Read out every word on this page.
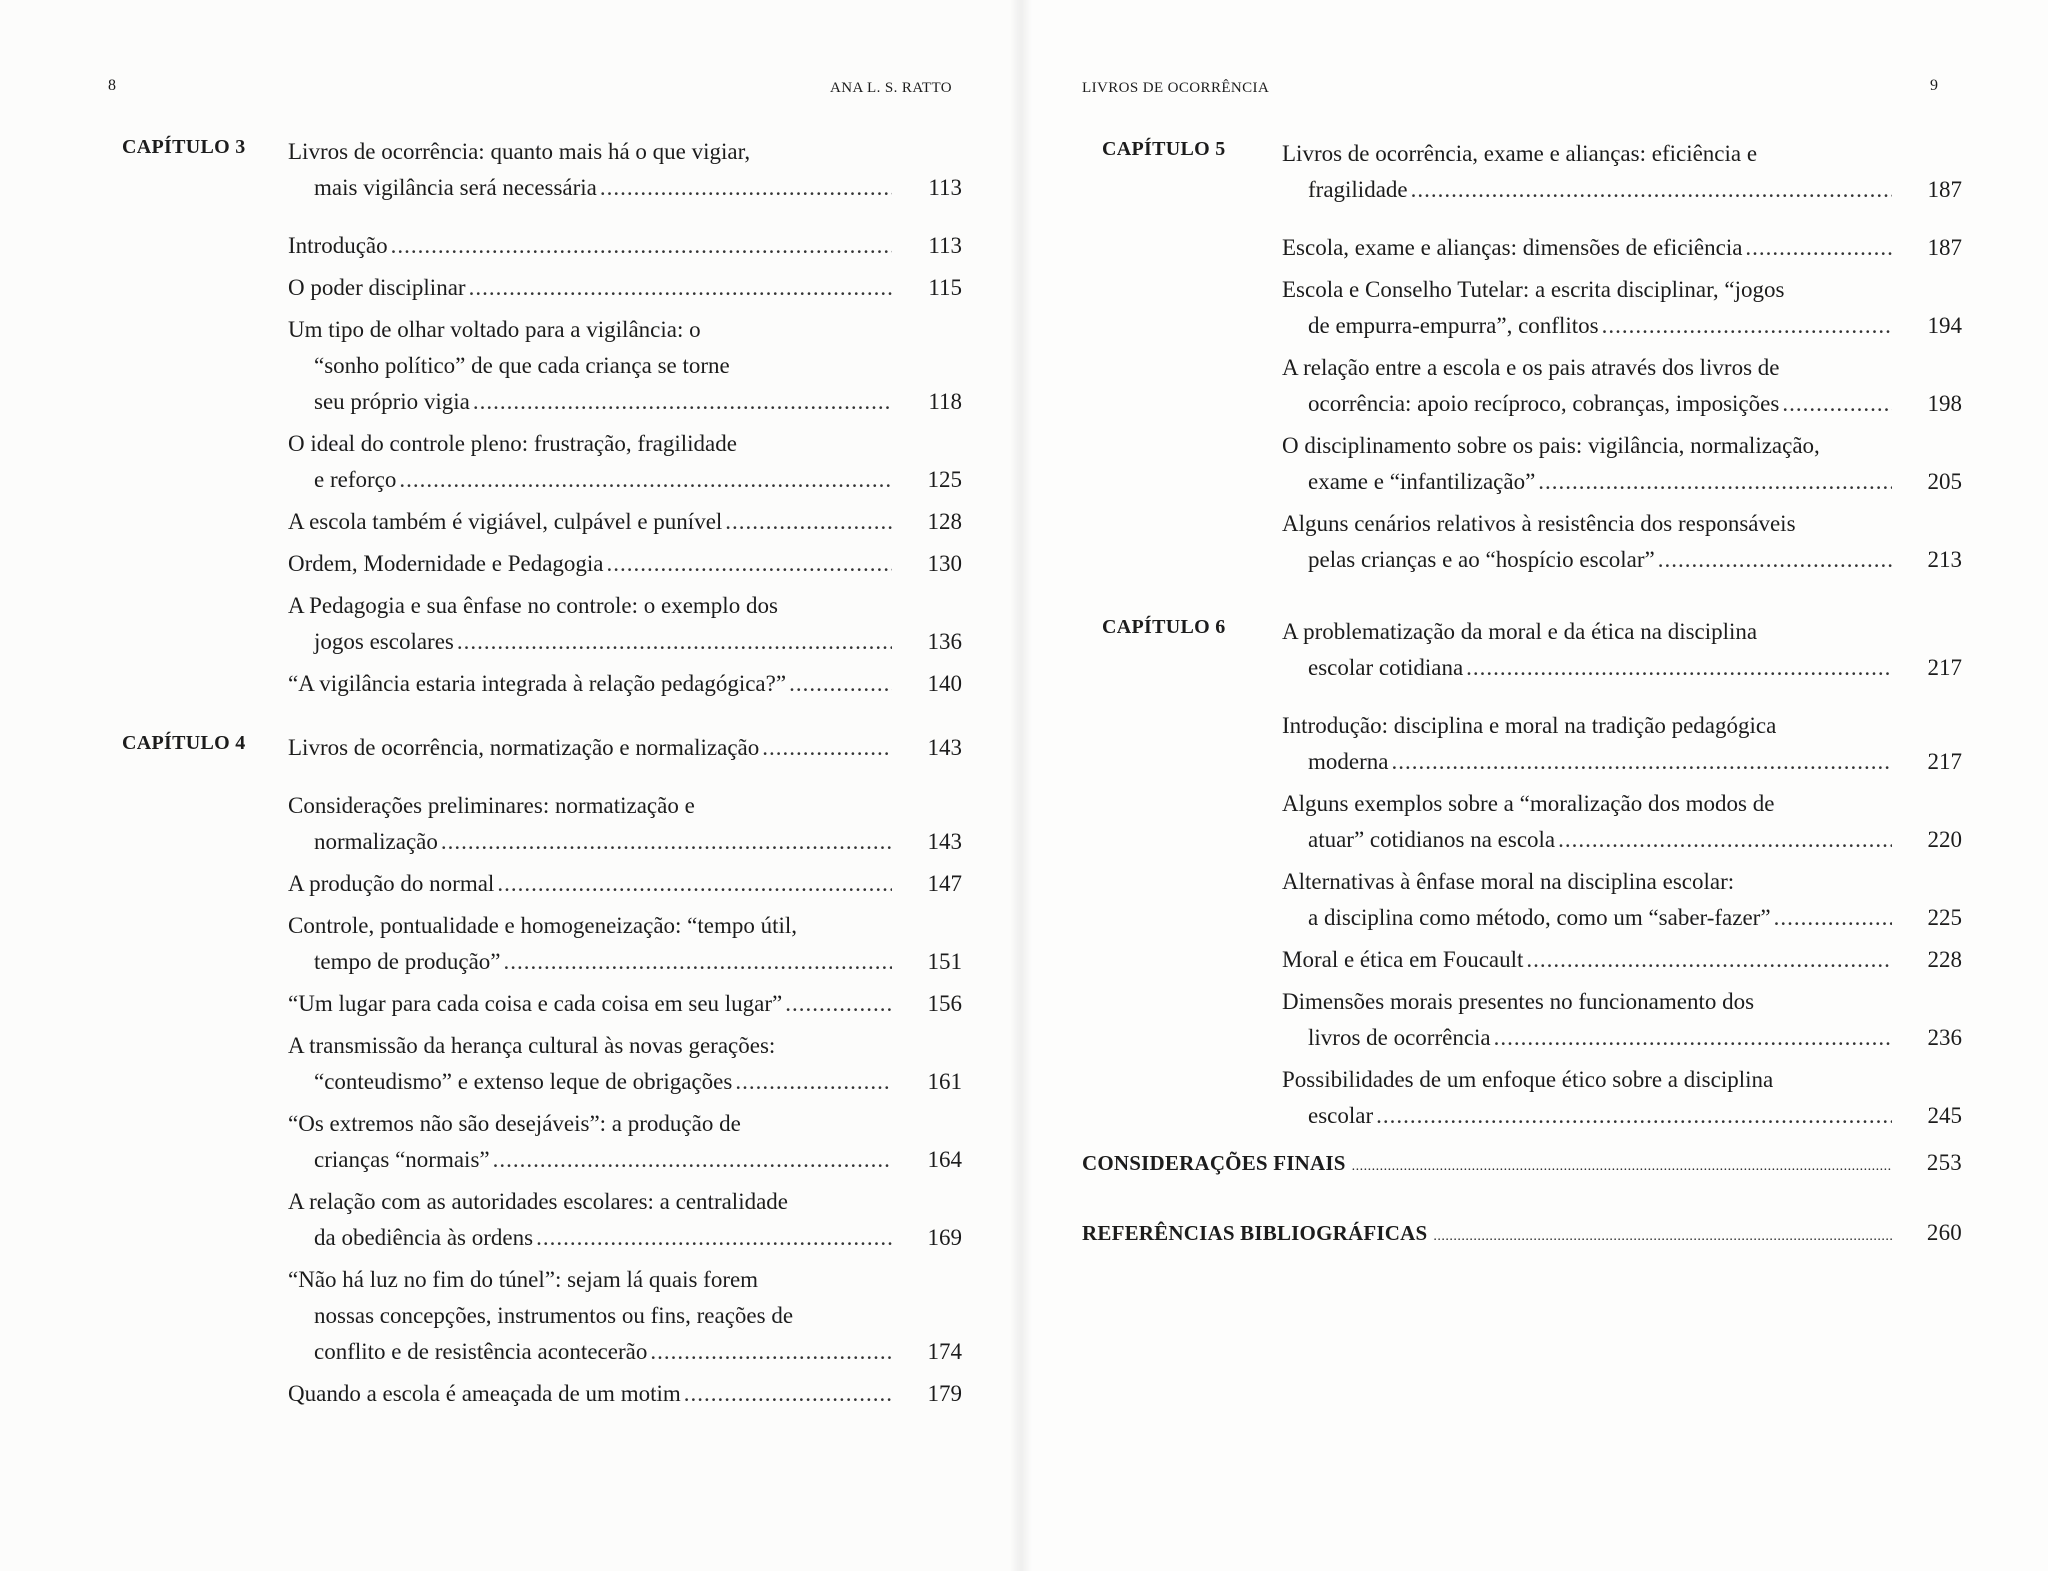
8	ANA L. S. RATTO
CAPÍTULO 3 Livros de ocorrência: quanto mais há o que vigiar,
mais vigilância será necessária .....	113
Introdução .....	113
O poder disciplinar .....	115
Um tipo de olhar voltado para a vigilância: o
“sonho político” de que cada criança se torne
seu próprio vigia .....	118
O ideal do controle pleno: frustração, fragilidade
e reforço .....	125
A escola também é vigiável, culpável e punível .....	128
Ordem, Modernidade e Pedagogia .....	130
A Pedagogia e sua ênfase no controle: o exemplo dos
jogos escolares .....	136
“A vigilância estaria integrada à relação pedagógica?” .....	140
CAPÍTULO 4 Livros de ocorrência, normatização e normalização .....	143
Considerações preliminares: normatização e
normalização .....	143
A produção do normal .....	147
Controle, pontualidade e homogeneização: “tempo útil,
tempo de produção” .....	151
“Um lugar para cada coisa e cada coisa em seu lugar” .....	156
A transmissão da herança cultural às novas gerações:
“conteudismo” e extenso leque de obrigações .....	161
“Os extremos não são desejáveis”: a produção de
crianças “normais” .....	164
A relação com as autoridades escolares: a centralidade
da obediência às ordens .....	169
“Não há luz no fim do túnel”: sejam lá quais forem
nossas concepções, instrumentos ou fins, reações de
conflito e de resistência acontecerão .....	174
Quando a escola é ameaçada de um motim .....	179
LIVROS DE OCORRÊNCIA	9
CAPÍTULO 5 Livros de ocorrência, exame e alianças: eficiência e
fragilidade .....	187
Escola, exame e alianças: dimensões de eficiência .....	187
Escola e Conselho Tutelar: a escrita disciplinar, “jogos
de empurra-empurra”, conflitos .....	194
A relação entre a escola e os pais através dos livros de
ocorrência: apoio recíproco, cobranças, imposições .....	198
O disciplinamento sobre os pais: vigilância, normalização,
exame e “infantilização” .....	205
Alguns cenários relativos à resistência dos responsáveis
pelas crianças e ao “hospício escolar” .....	213
CAPÍTULO 6 A problematização da moral e da ética na disciplina
escolar cotidiana .....	217
Introdução: disciplina e moral na tradição pedagógica
moderna .....	217
Alguns exemplos sobre a “moralização dos modos de
atuar” cotidianos na escola .....	220
Alternativas à ênfase moral na disciplina escolar:
a disciplina como método, como um “saber-fazer” .....	225
Moral e ética em Foucault .....	228
Dimensões morais presentes no funcionamento dos
livros de ocorrência .....	236
Possibilidades de um enfoque ético sobre a disciplina
escolar .....	245
CONSIDERAÇÕES FINAIS .....	253
REFERÊNCIAS BIBLIOGRÁFICAS .....	260
